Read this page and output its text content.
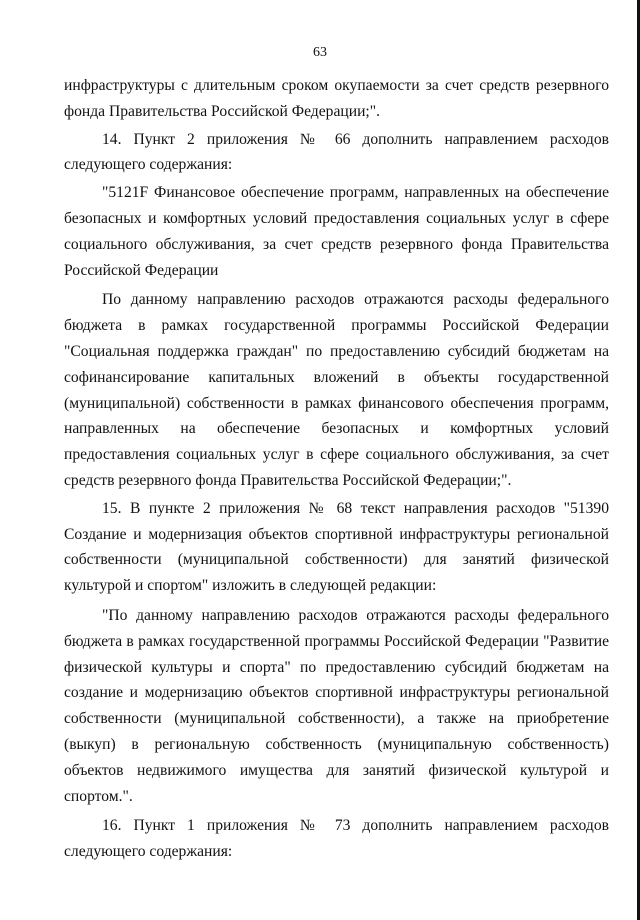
63

инфраструктуры с длительным сроком окупаемости за счет средств резервного фонда Правительства Российской Федерации;".

14. Пункт 2 приложения № 66 дополнить направлением расходов следующего содержания:

"5121F Финансовое обеспечение программ, направленных на обеспечение безопасных и комфортных условий предоставления социальных услуг в сфере социального обслуживания, за счет средств резервного фонда Правительства Российской Федерации

По данному направлению расходов отражаются расходы федерального бюджета в рамках государственной программы Российской Федерации "Социальная поддержка граждан" по предоставлению субсидий бюджетам на софинансирование капитальных вложений в объекты государственной (муниципальной) собственности в рамках финансового обеспечения программ, направленных на обеспечение безопасных и комфортных условий предоставления социальных услуг в сфере социального обслуживания, за счет средств резервного фонда Правительства Российской Федерации;".

15. В пункте 2 приложения № 68 текст направления расходов "51390 Создание и модернизация объектов спортивной инфраструктуры региональной собственности (муниципальной собственности) для занятий физической культурой и спортом" изложить в следующей редакции:

"По данному направлению расходов отражаются расходы федерального бюджета в рамках государственной программы Российской Федерации "Развитие физической культуры и спорта" по предоставлению субсидий бюджетам на создание и модернизацию объектов спортивной инфраструктуры региональной собственности (муниципальной собственности), а также на приобретение (выкуп) в региональную собственность (муниципальную собственность) объектов недвижимого имущества для занятий физической культурой и спортом.".

16. Пункт 1 приложения № 73 дополнить направлением расходов следующего содержания:
